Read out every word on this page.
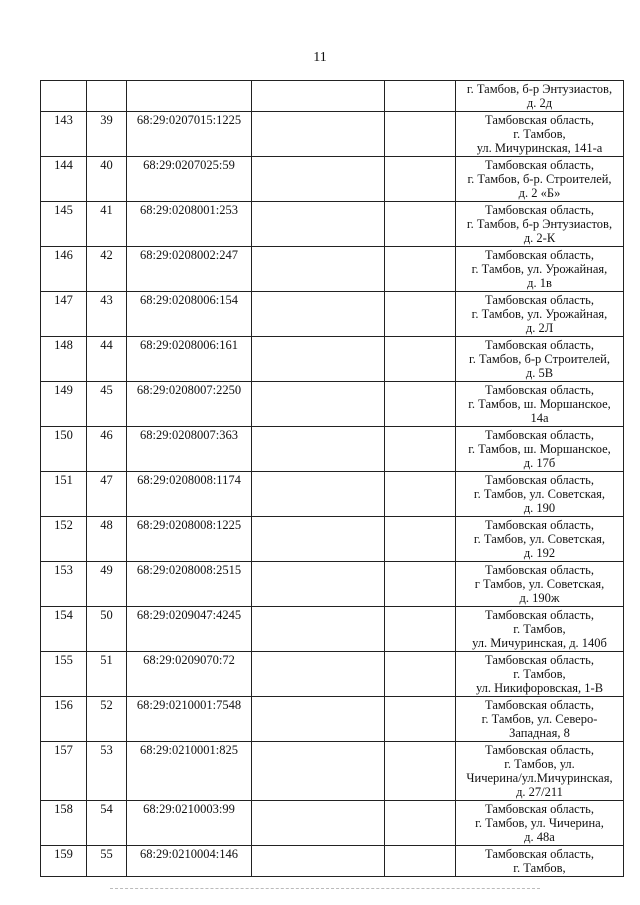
11

					г. Тамбов, б-р Энтузиастов,
д. 2д

143	39	68:29:0207015:1225			Тамбовская область,
г. Тамбов,
ул. Мичуринская, 141-а

144	40	68:29:0207025:59			Тамбовская область,
г. Тамбов, б-р. Строителей,
д. 2 «Б»

145	41	68:29:0208001:253			Тамбовская область,
г. Тамбов, б-р Энтузиастов,
д. 2-К

146	42	68:29:0208002:247			Тамбовская область,
г. Тамбов, ул. Урожайная,
д. 1в

147	43	68:29:0208006:154			Тамбовская область,
г. Тамбов, ул. Урожайная,
д. 2Л

148	44	68:29:0208006:161			Тамбовская область,
г. Тамбов, б-р Строителей,
д. 5В

149	45	68:29:0208007:2250			Тамбовская область,
г. Тамбов, ш. Моршанское,
14а

150	46	68:29:0208007:363			Тамбовская область,
г. Тамбов, ш. Моршанское,
д. 17б

151	47	68:29:0208008:1174			Тамбовская область,
г. Тамбов, ул. Советская,
д. 190

152	48	68:29:0208008:1225			Тамбовская область,
г. Тамбов, ул. Советская,
д. 192

153	49	68:29:0208008:2515			Тамбовская область,
г Тамбов, ул. Советская,
д. 190ж

154	50	68:29:0209047:4245			Тамбовская область,
г. Тамбов,
ул. Мичуринская, д. 140б

155	51	68:29:0209070:72			Тамбовская область,
г. Тамбов,
ул. Никифоровская, 1-В

156	52	68:29:0210001:7548			Тамбовская область,
г. Тамбов, ул. Северо-
Западная, 8

157	53	68:29:0210001:825			Тамбовская область,
г. Тамбов, ул.
Чичерина/ул.Мичуринская,
д. 27/211

158	54	68:29:0210003:99			Тамбовская область,
г. Тамбов, ул. Чичерина,
д. 48а

159	55	68:29:0210004:146			Тамбовская область,
г. Тамбов,
